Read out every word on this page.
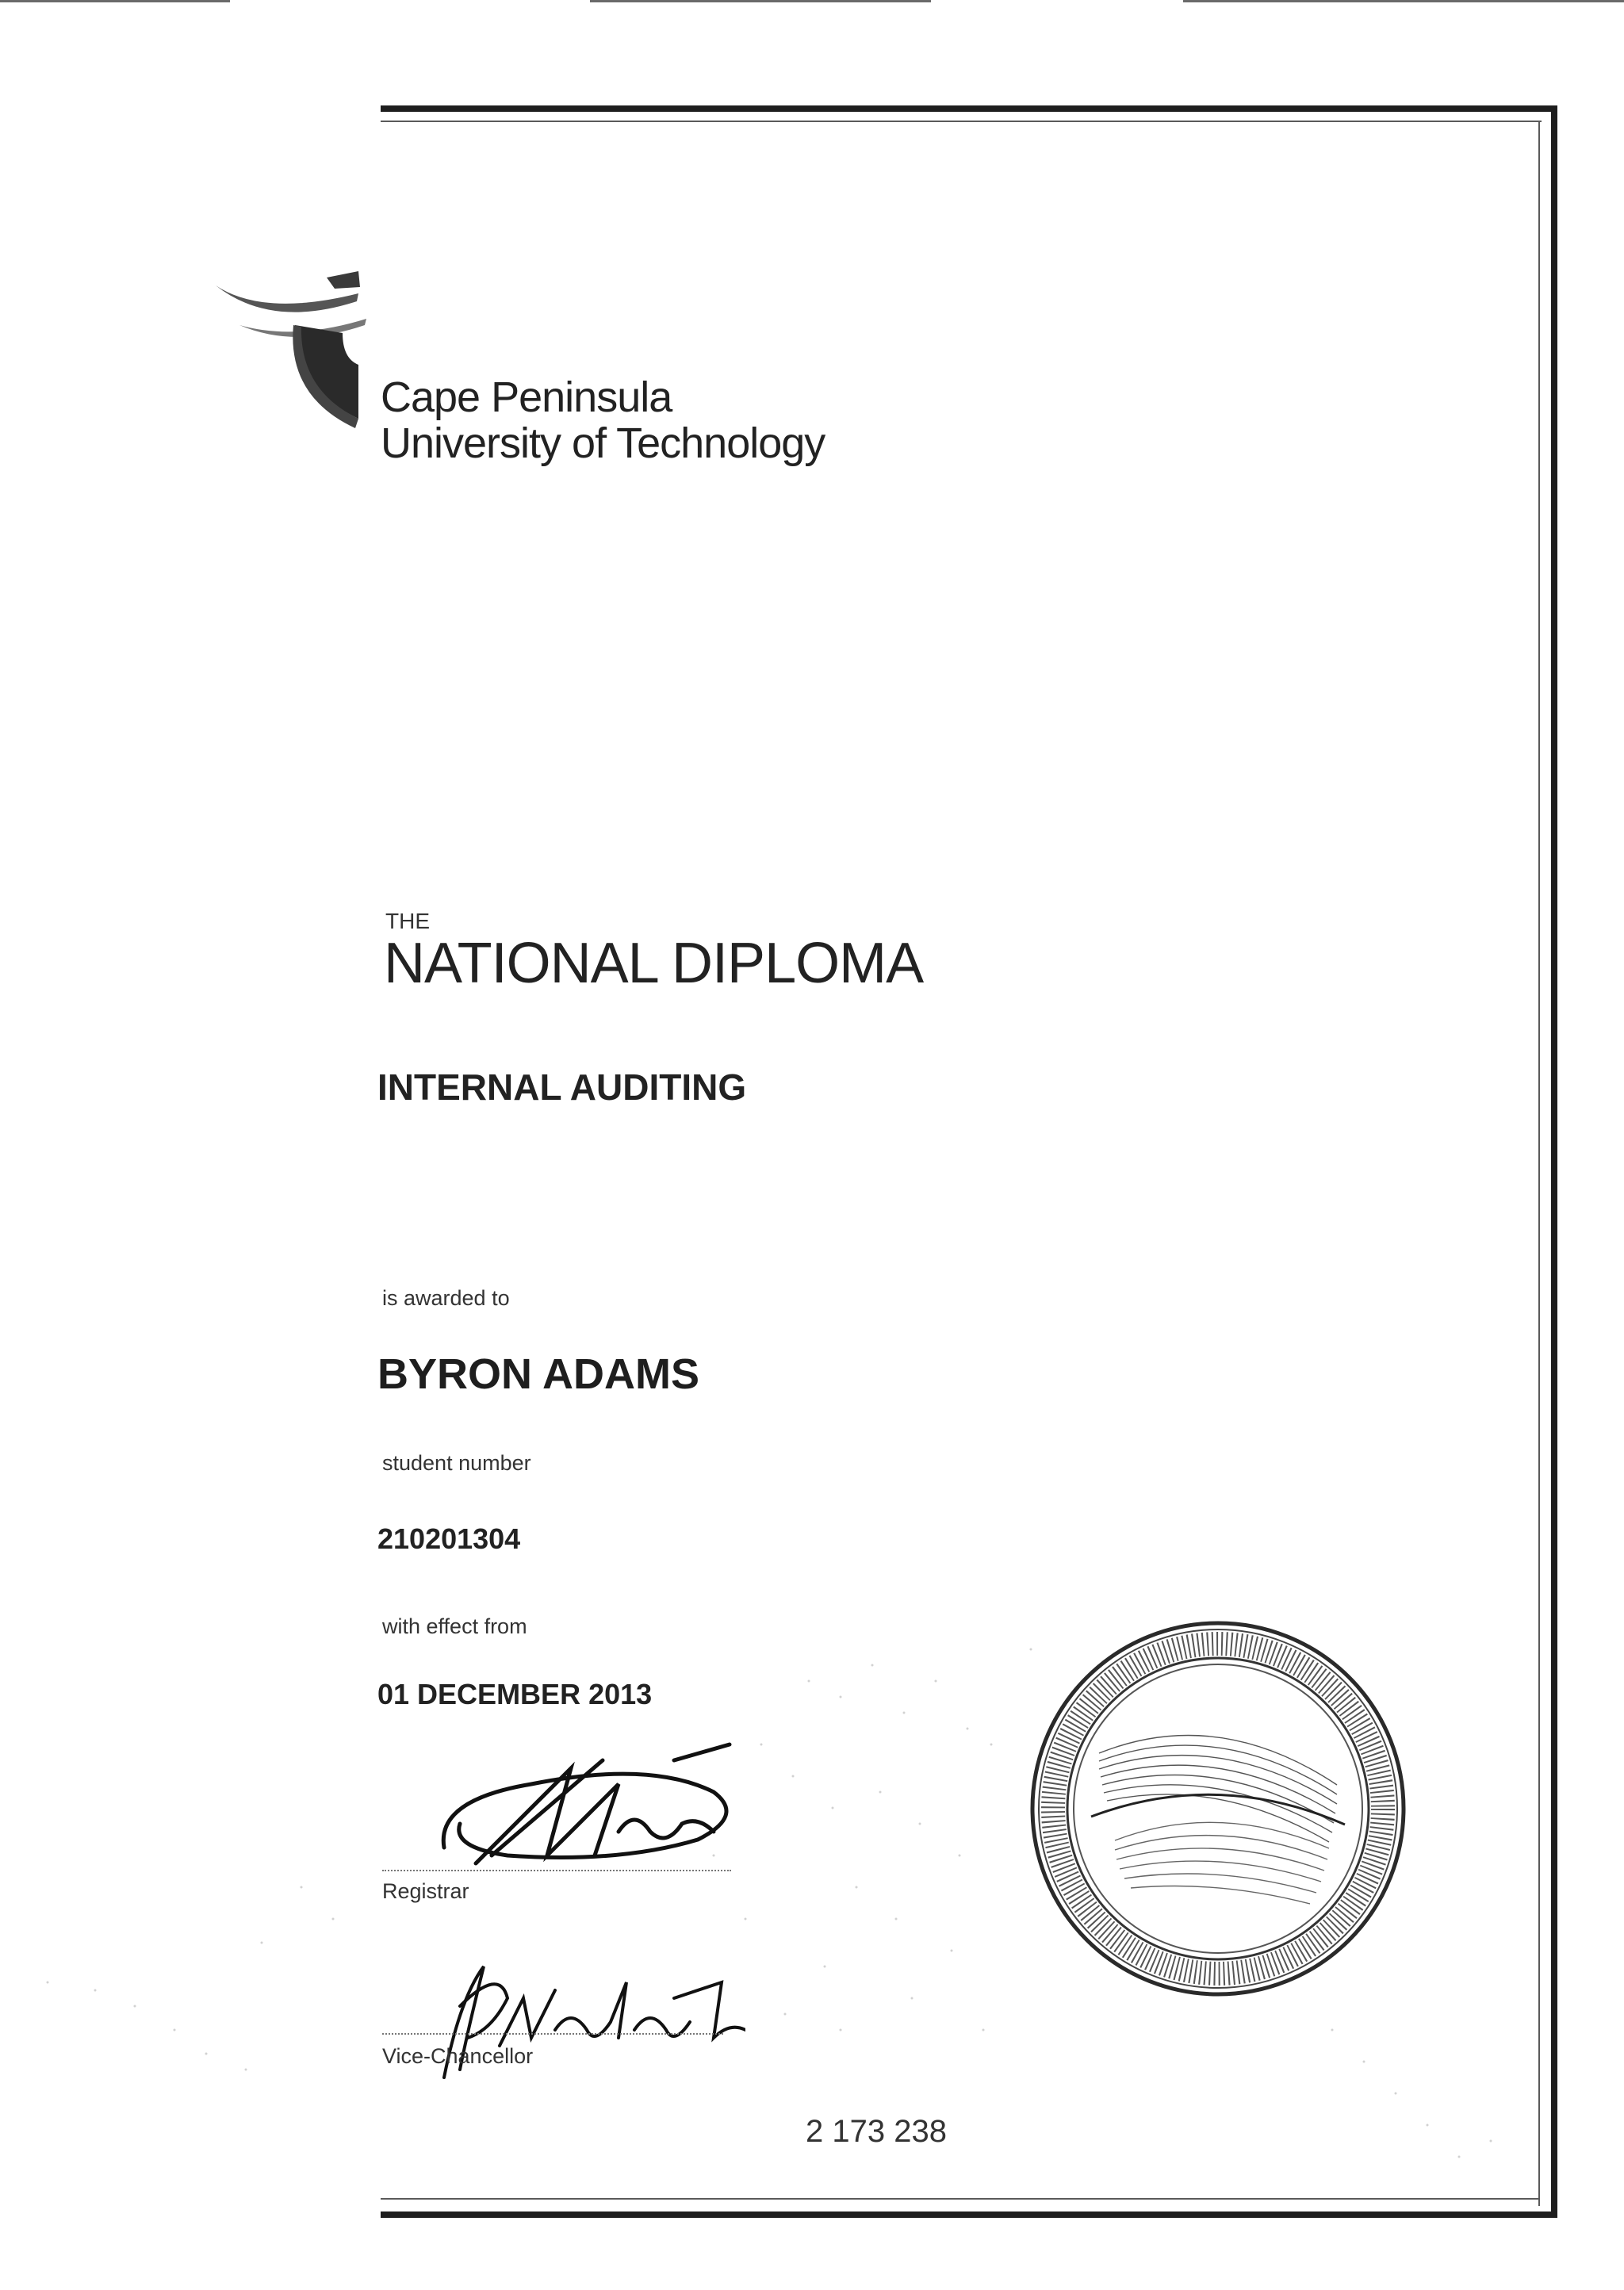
Cape Peninsula
University of Technology
THE
NATIONAL DIPLOMA
INTERNAL AUDITING
is awarded to
BYRON ADAMS
student number
210201304
with effect from
01 DECEMBER 2013
Registrar
Vice-Chancellor
2 173 238
